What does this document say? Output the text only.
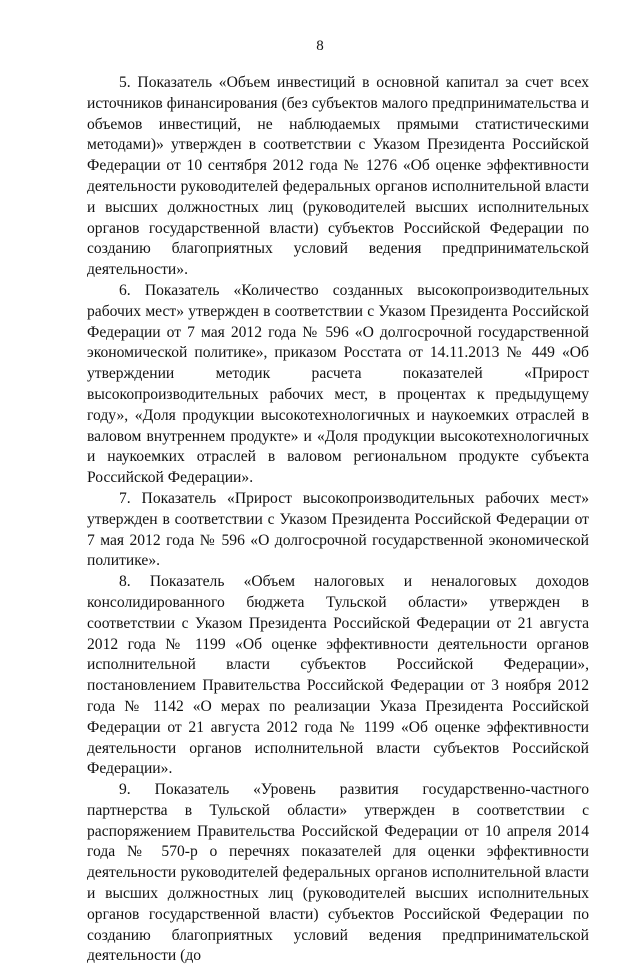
8

5. Показатель «Объем инвестиций в основной капитал за счет всех источников финансирования (без субъектов малого предпринимательства и объемов инвестиций, не наблюдаемых прямыми статистическими методами)» утвержден в соответствии с Указом Президента Российской Федерации от 10 сентября 2012 года № 1276 «Об оценке эффективности деятельности руководителей федеральных органов исполнительной власти и высших должностных лиц (руководителей высших исполнительных органов государственной власти) субъектов Российской Федерации по созданию благоприятных условий ведения предпринимательской деятельности».

6. Показатель «Количество созданных высокопроизводительных рабочих мест» утвержден в соответствии с Указом Президента Российской Федерации от 7 мая 2012 года № 596 «О долгосрочной государственной экономической политике», приказом Росстата от 14.11.2013 № 449 «Об утверждении методик расчета показателей «Прирост высокопроизводительных рабочих мест, в процентах к предыдущему году», «Доля продукции высокотехнологичных и наукоемких отраслей в валовом внутреннем продукте» и «Доля продукции высокотехнологичных и наукоемких отраслей в валовом региональном продукте субъекта Российской Федерации».

7. Показатель «Прирост высокопроизводительных рабочих мест» утвержден в соответствии с Указом Президента Российской Федерации от 7 мая 2012 года № 596 «О долгосрочной государственной экономической политике».

8. Показатель «Объем налоговых и неналоговых доходов консолидированного бюджета Тульской области» утвержден в соответствии с Указом Президента Российской Федерации от 21 августа 2012 года № 1199 «Об оценке эффективности деятельности органов исполнительной власти субъектов Российской Федерации», постановлением Правительства Российской Федерации от 3 ноября 2012 года № 1142 «О мерах по реализации Указа Президента Российской Федерации от 21 августа 2012 года № 1199 «Об оценке эффективности деятельности органов исполнительной власти субъектов Российской Федерации».

9. Показатель «Уровень развития государственно-частного партнерства в Тульской области» утвержден в соответствии с распоряжением Правительства Российской Федерации от 10 апреля 2014 года № 570-р о перечнях показателей для оценки эффективности деятельности руководителей федеральных органов исполнительной власти и высших должностных лиц (руководителей высших исполнительных органов государственной власти) субъектов Российской Федерации по созданию благоприятных условий ведения предпринимательской деятельности (до
